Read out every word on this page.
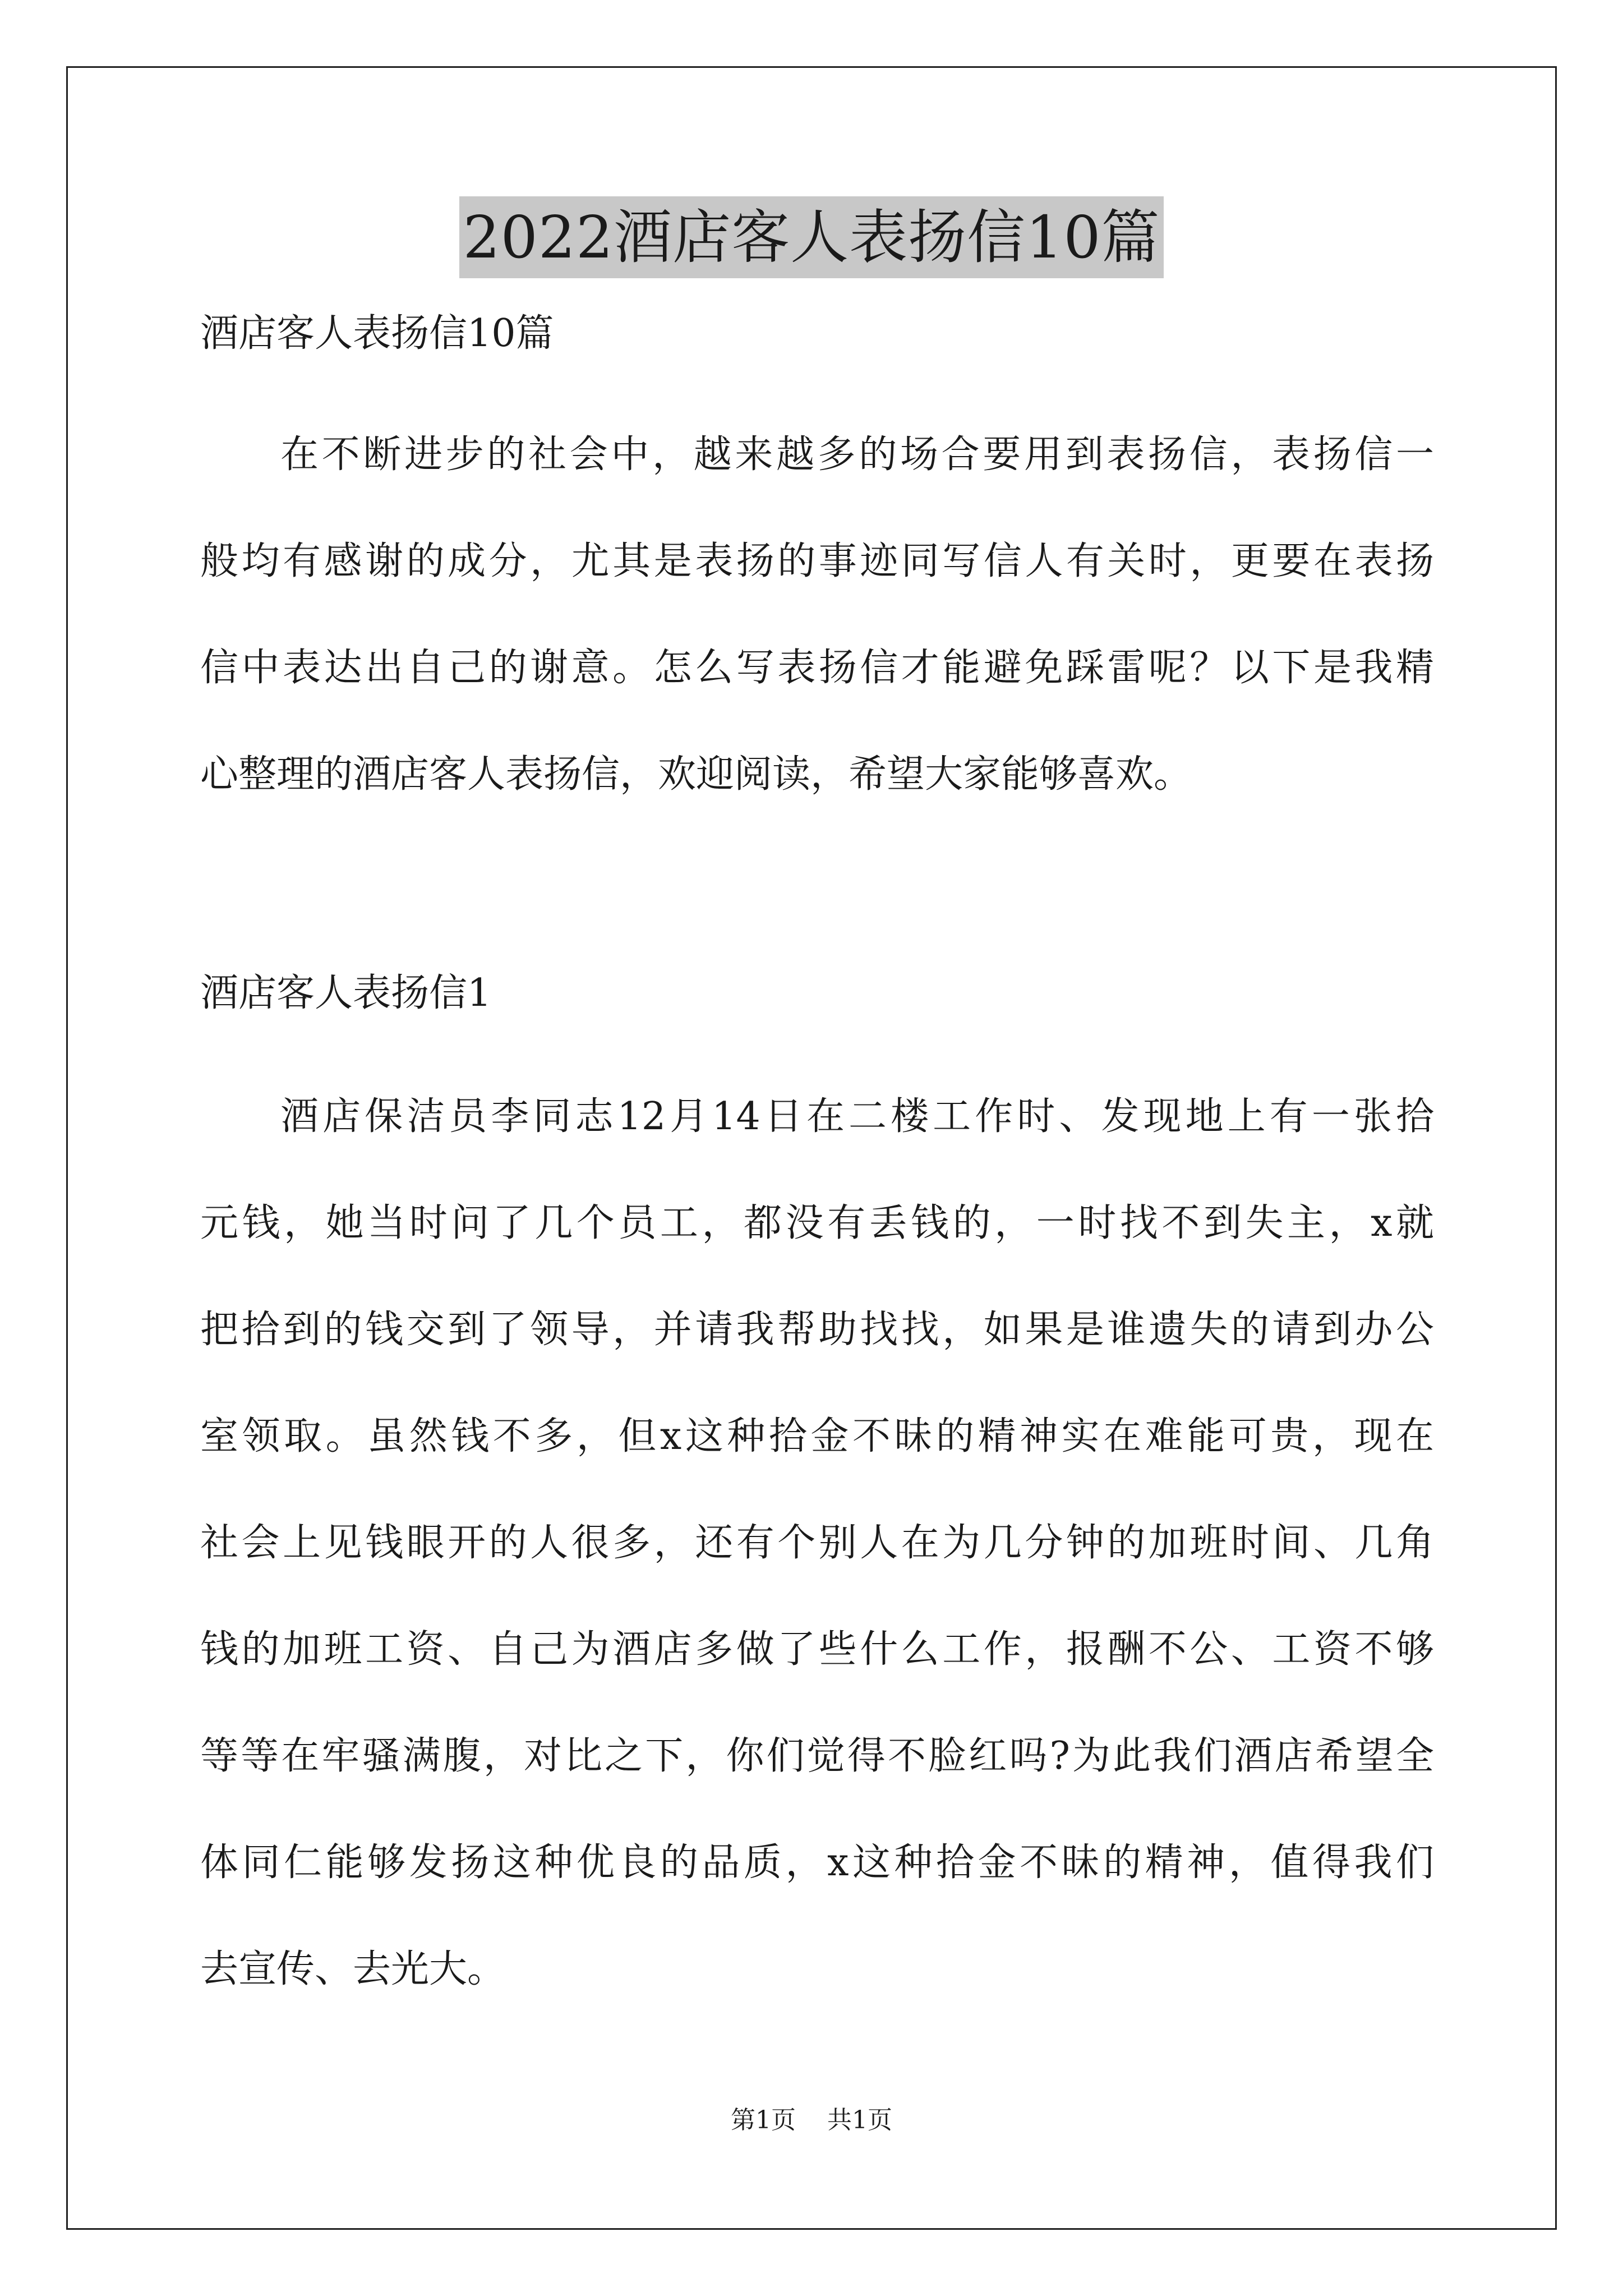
2022酒店客人表扬信10篇

酒店客人表扬信10篇

在不断进步的社会中，越来越多的场合要用到表扬信，表扬信一
般均有感谢的成分，尤其是表扬的事迹同写信人有关时，更要在表扬
信中表达出自己的谢意。怎么写表扬信才能避免踩雷呢？以下是我精
心整理的酒店客人表扬信，欢迎阅读，希望大家能够喜欢。

酒店客人表扬信1

酒店保洁员李同志12月14日在二楼工作时、发现地上有一张拾
元钱，她当时问了几个员工，都没有丢钱的，一时找不到失主，x就
把拾到的钱交到了领导，并请我帮助找找，如果是谁遗失的请到办公
室领取。虽然钱不多，但x这种拾金不昧的精神实在难能可贵，现在
社会上见钱眼开的人很多，还有个别人在为几分钟的加班时间、几角
钱的加班工资、自己为酒店多做了些什么工作，报酬不公、工资不够
等等在牢骚满腹，对比之下，你们觉得不脸红吗?为此我们酒店希望全
体同仁能够发扬这种优良的品质，x这种拾金不昧的精神，值得我们
去宣传、去光大。
第1页 共1页
